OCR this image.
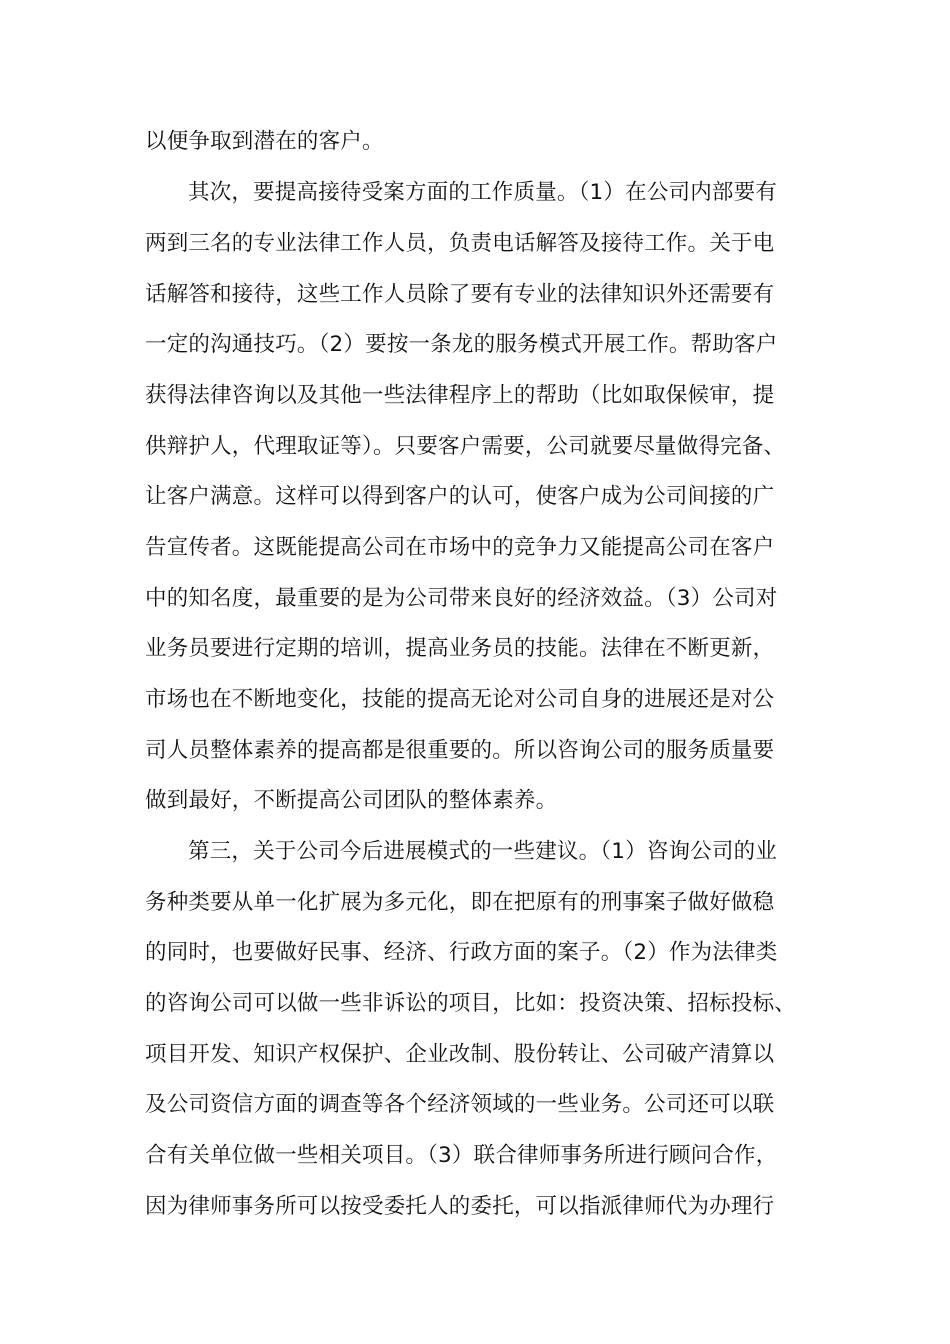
以便争取到潜在的客户。
其次，要提高接待受案方面的工作质量。（1）在公司内部要有
两到三名的专业法律工作人员，负责电话解答及接待工作。关于电
话解答和接待，这些工作人员除了要有专业的法律知识外还需要有
一定的沟通技巧。（2）要按一条龙的服务模式开展工作。帮助客户
获得法律咨询以及其他一些法律程序上的帮助（比如取保候审，提
供辩护人，代理取证等）。只要客户需要，公司就要尽量做得完备、
让客户满意。这样可以得到客户的认可，使客户成为公司间接的广
告宣传者。这既能提高公司在市场中的竞争力又能提高公司在客户
中的知名度，最重要的是为公司带来良好的经济效益。（3）公司对
业务员要进行定期的培训，提高业务员的技能。法律在不断更新，
市场也在不断地变化，技能的提高无论对公司自身的进展还是对公
司人员整体素养的提高都是很重要的。所以咨询公司的服务质量要
做到最好，不断提高公司团队的整体素养。
第三，关于公司今后进展模式的一些建议。（1）咨询公司的业
务种类要从单一化扩展为多元化，即在把原有的刑事案子做好做稳
的同时，也要做好民事、经济、行政方面的案子。（2）作为法律类
的咨询公司可以做一些非诉讼的项目，比如：投资决策、招标投标、
项目开发、知识产权保护、企业改制、股份转让、公司破产清算以
及公司资信方面的调查等各个经济领域的一些业务。公司还可以联
合有关单位做一些相关项目。（3）联合律师事务所进行顾问合作，
因为律师事务所可以按受委托人的委托，可以指派律师代为办理行
